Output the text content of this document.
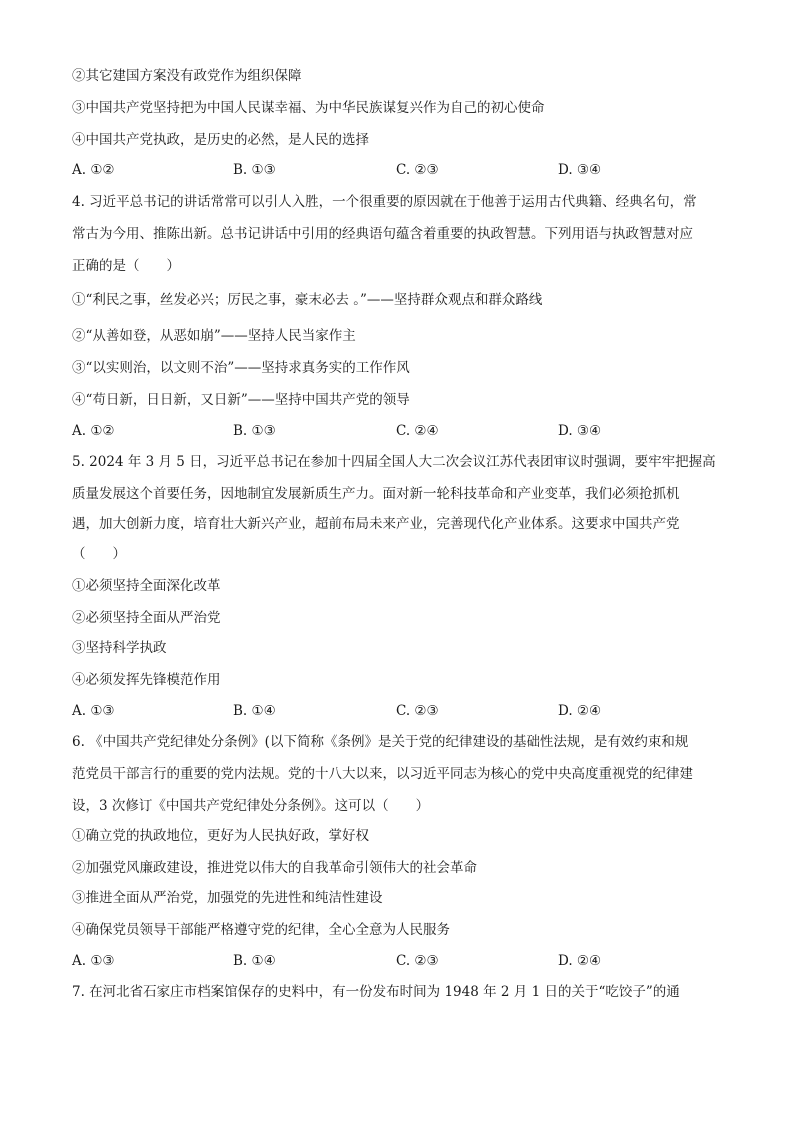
②其它建国方案没有政党作为组织保障
③中国共产党坚持把为中国人民谋幸福、为中华民族谋复兴作为自己的初心使命
④中国共产党执政，是历史的必然，是人民的选择
A. ①②	B. ①③	C. ②③	D. ③④
4. 习近平总书记的讲话常常可以引人入胜，一个很重要的原因就在于他善于运用古代典籍、经典名句，常
常古为今用、推陈出新。总书记讲话中引用的经典语句蕴含着重要的执政智慧。下列用语与执政智慧对应
正确的是（　　）
①“利民之事，丝发必兴；厉民之事，豪末必去 。”——坚持群众观点和群众路线
②“从善如登，从恶如崩”——坚持人民当家作主
③“以实则治，以文则不治”——坚持求真务实的工作作风
④“苟日新，日日新，又日新”——坚持中国共产党的领导
A. ①②	B. ①③	C. ②④	D. ③④
5. 2024 年 3 月 5 日，习近平总书记在参加十四届全国人大二次会议江苏代表团审议时强调，要牢牢把握高
质量发展这个首要任务，因地制宜发展新质生产力。面对新一轮科技革命和产业变革，我们必须抢抓机
遇，加大创新力度，培育壮大新兴产业，超前布局未来产业，完善现代化产业体系。这要求中国共产党
（　　）
①必须坚持全面深化改革
②必须坚持全面从严治党
③坚持科学执政
④必须发挥先锋模范作用
A. ①③	B. ①④	C. ②③	D. ②④
6. 《中国共产党纪律处分条例》(以下简称《条例》是关于党的纪律建设的基础性法规，是有效约束和规
范党员干部言行的重要的党内法规。党的十八大以来，以习近平同志为核心的党中央高度重视党的纪律建
设，3 次修订《中国共产党纪律处分条例》。这可以（　　）
①确立党的执政地位，更好为人民执好政，掌好权
②加强党风廉政建设，推进党以伟大的自我革命引领伟大的社会革命
③推进全面从严治党，加强党的先进性和纯洁性建设
④确保党员领导干部能严格遵守党的纪律，全心全意为人民服务
A. ①③	B. ①④	C. ②③	D. ②④
7. 在河北省石家庄市档案馆保存的史料中，有一份发布时间为 1948 年 2 月 1 日的关于“吃饺子”的通
